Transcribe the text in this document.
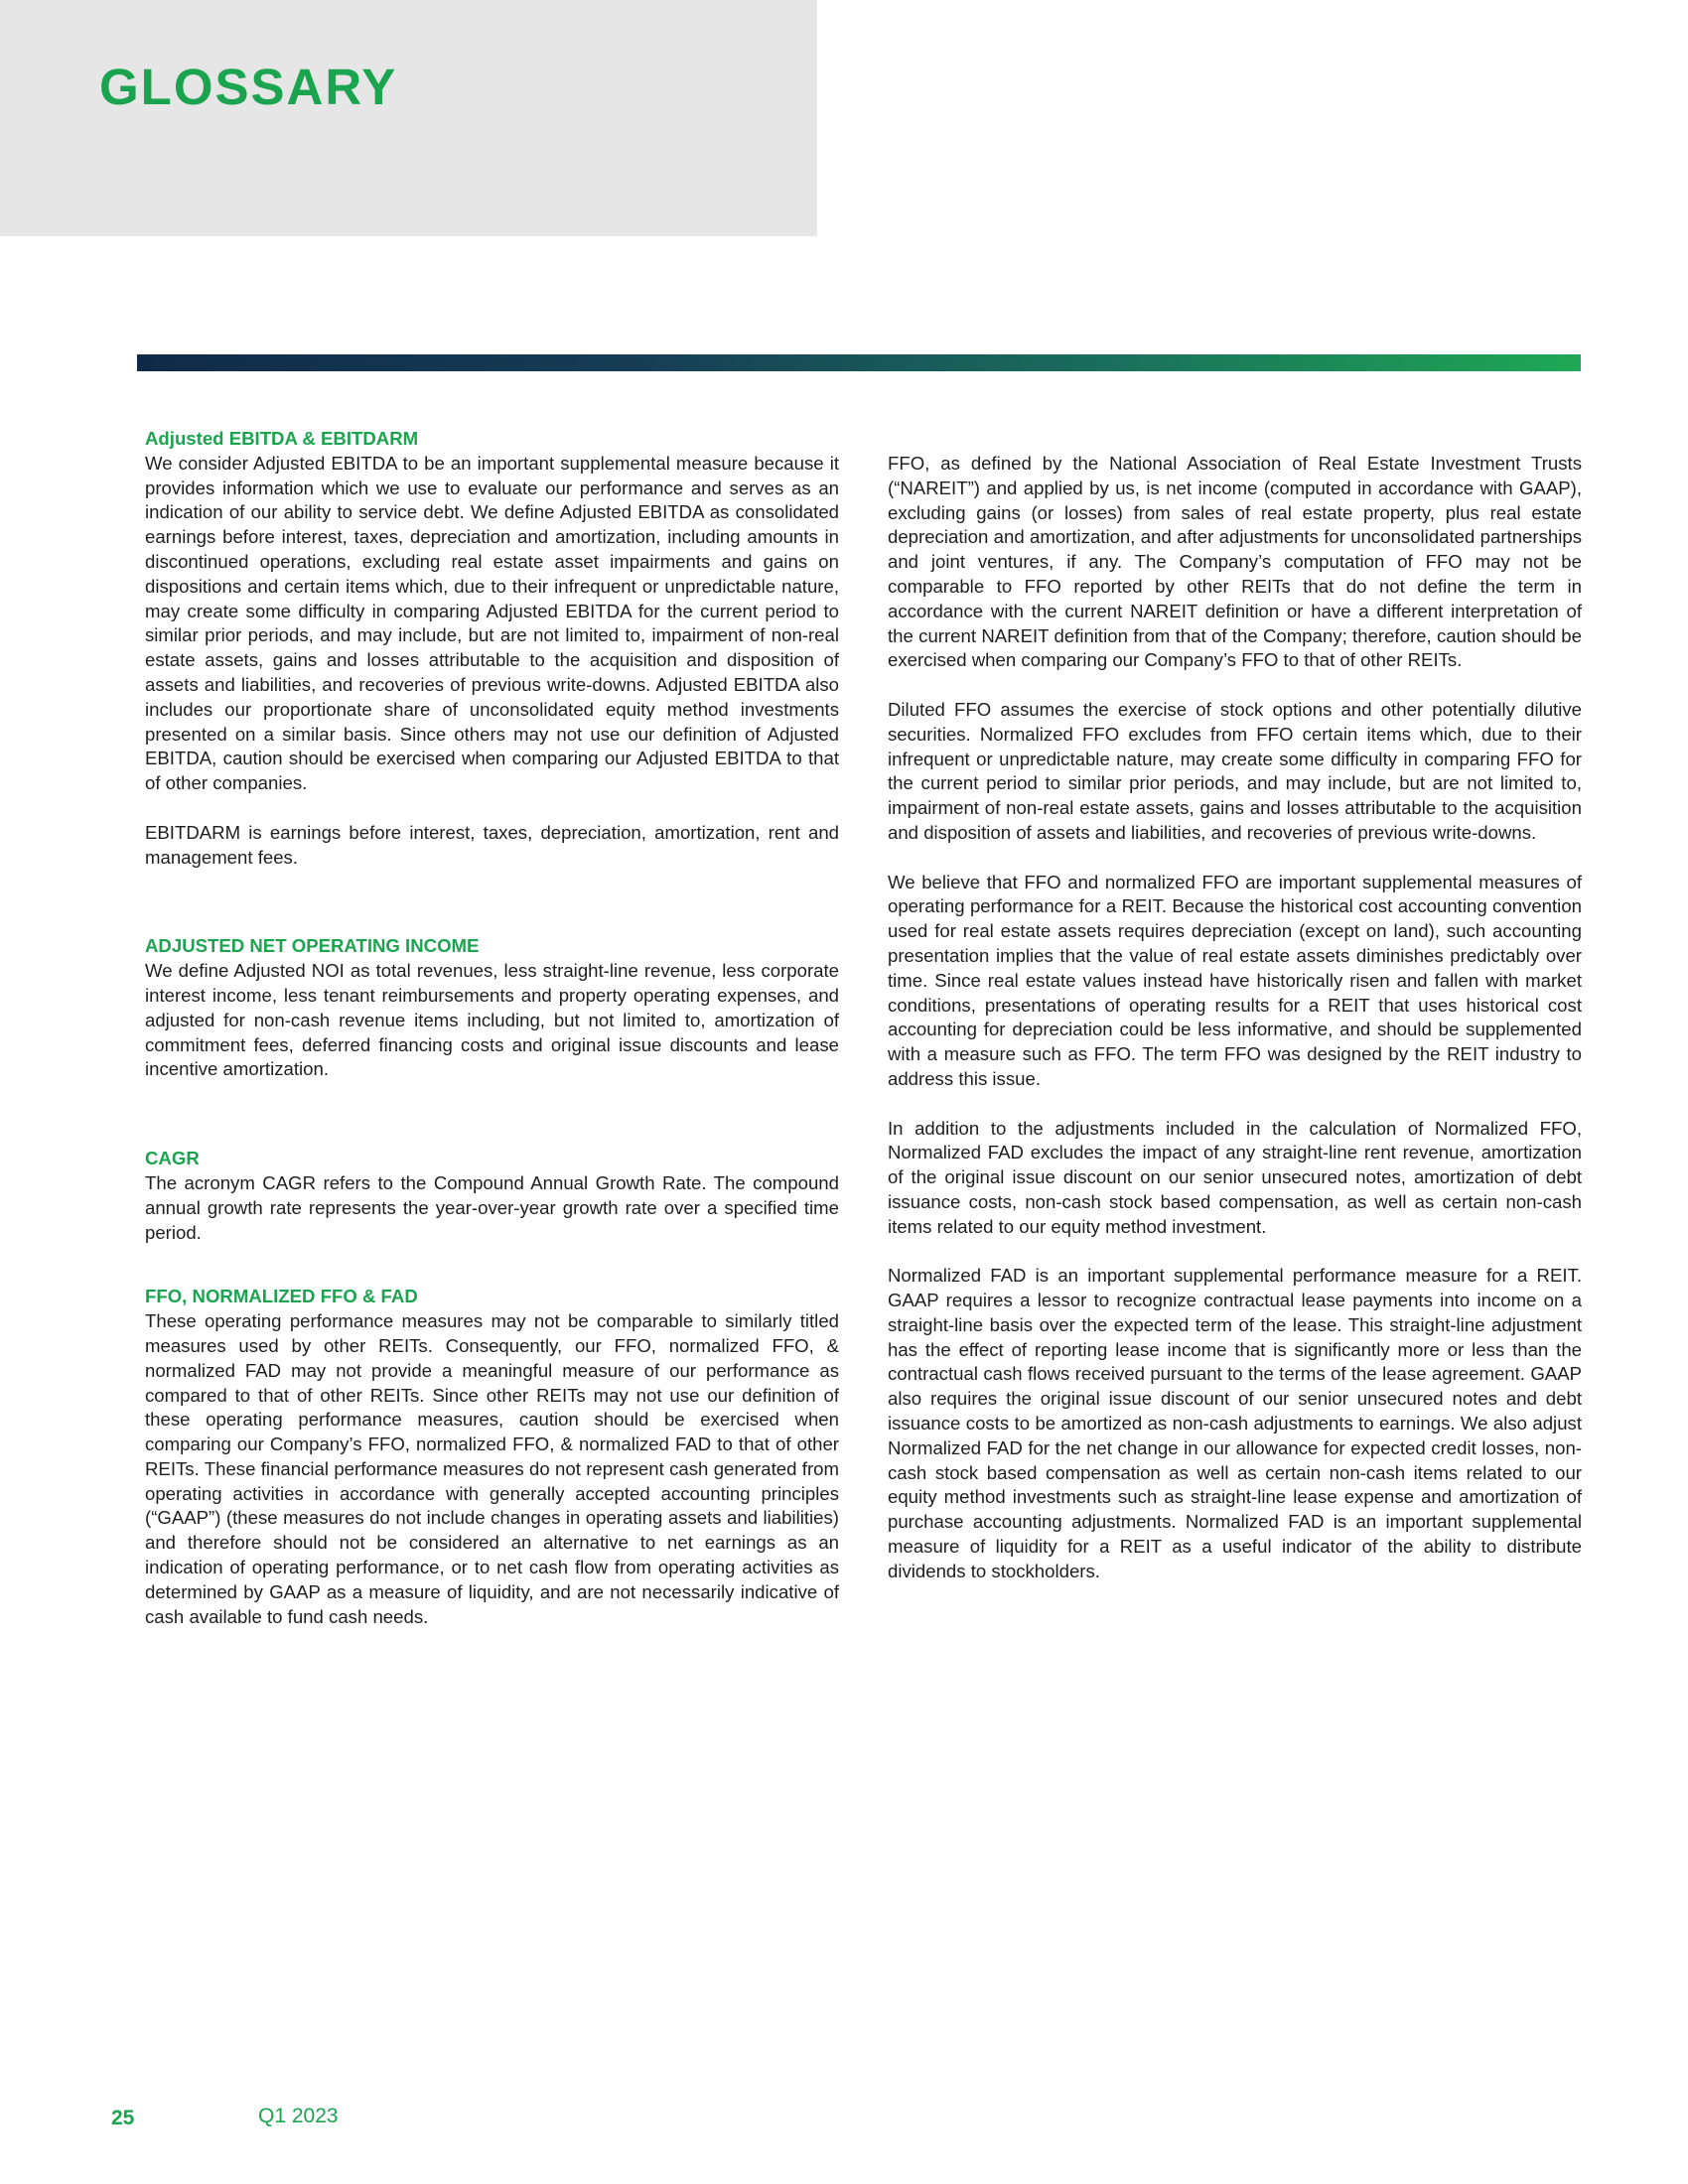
GLOSSARY
Adjusted EBITDA & EBITDARM

We consider Adjusted EBITDA to be an important supplemental measure because it provides information which we use to evaluate our performance and serves as an indication of our ability to service debt. We define Adjusted EBITDA as consolidated earnings before interest, taxes, depreciation and amortization, including amounts in discontinued operations, excluding real estate asset impairments and gains on dispositions and certain items which, due to their infrequent or unpredictable nature, may create some difficulty in comparing Adjusted EBITDA for the current period to similar prior periods, and may include, but are not limited to, impairment of non-real estate assets, gains and losses attributable to the acquisition and disposition of assets and liabilities, and recoveries of previous write-downs. Adjusted EBITDA also includes our proportionate share of unconsolidated equity method investments presented on a similar basis. Since others may not use our definition of Adjusted EBITDA, caution should be exercised when comparing our Adjusted EBITDA to that of other companies.

EBITDARM is earnings before interest, taxes, depreciation, amortization, rent and management fees.

ADJUSTED NET OPERATING INCOME

We define Adjusted NOI as total revenues, less straight-line revenue, less corporate interest income, less tenant reimbursements and property operating expenses, and adjusted for non-cash revenue items including, but not limited to, amortization of commitment fees, deferred financing costs and original issue discounts and lease incentive amortization.

CAGR

The acronym CAGR refers to the Compound Annual Growth Rate. The compound annual growth rate represents the year-over-year growth rate over a specified time period.

FFO, NORMALIZED FFO & FAD

These operating performance measures may not be comparable to similarly titled measures used by other REITs. Consequently, our FFO, normalized FFO, & normalized FAD may not provide a meaningful measure of our performance as compared to that of other REITs. Since other REITs may not use our definition of these operating performance measures, caution should be exercised when comparing our Company’s FFO, normalized FFO, & normalized FAD to that of other REITs. These financial performance measures do not represent cash generated from operating activities in accordance with generally accepted accounting principles (“GAAP”) (these measures do not include changes in operating assets and liabilities) and therefore should not be considered an alternative to net earnings as an indication of operating performance, or to net cash flow from operating activities as determined by GAAP as a measure of liquidity, and are not necessarily indicative of cash available to fund cash needs.

FFO, as defined by the National Association of Real Estate Investment Trusts (“NAREIT”) and applied by us, is net income (computed in accordance with GAAP), excluding gains (or losses) from sales of real estate property, plus real estate depreciation and amortization, and after adjustments for unconsolidated partnerships and joint ventures, if any. The Company’s computation of FFO may not be comparable to FFO reported by other REITs that do not define the term in accordance with the current NAREIT definition or have a different interpretation of the current NAREIT definition from that of the Company; therefore, caution should be exercised when comparing our Company’s FFO to that of other REITs.

Diluted FFO assumes the exercise of stock options and other potentially dilutive securities. Normalized FFO excludes from FFO certain items which, due to their infrequent or unpredictable nature, may create some difficulty in comparing FFO for the current period to similar prior periods, and may include, but are not limited to, impairment of non-real estate assets, gains and losses attributable to the acquisition and disposition of assets and liabilities, and recoveries of previous write-downs.

We believe that FFO and normalized FFO are important supplemental measures of operating performance for a REIT. Because the historical cost accounting convention used for real estate assets requires depreciation (except on land), such accounting presentation implies that the value of real estate assets diminishes predictably over time. Since real estate values instead have historically risen and fallen with market conditions, presentations of operating results for a REIT that uses historical cost accounting for depreciation could be less informative, and should be supplemented with a measure such as FFO. The term FFO was designed by the REIT industry to address this issue.

In addition to the adjustments included in the calculation of Normalized FFO, Normalized FAD excludes the impact of any straight-line rent revenue, amortization of the original issue discount on our senior unsecured notes, amortization of debt issuance costs, non-cash stock based compensation, as well as certain non-cash items related to our equity method investment.

Normalized FAD is an important supplemental performance measure for a REIT. GAAP requires a lessor to recognize contractual lease payments into income on a straight-line basis over the expected term of the lease. This straight-line adjustment has the effect of reporting lease income that is significantly more or less than the contractual cash flows received pursuant to the terms of the lease agreement. GAAP also requires the original issue discount of our senior unsecured notes and debt issuance costs to be amortized as non-cash adjustments to earnings. We also adjust Normalized FAD for the net change in our allowance for expected credit losses, non-cash stock based compensation as well as certain non-cash items related to our equity method investments such as straight-line lease expense and amortization of purchase accounting adjustments. Normalized FAD is an important supplemental measure of liquidity for a REIT as a useful indicator of the ability to distribute dividends to stockholders.

25	Q1 2023
